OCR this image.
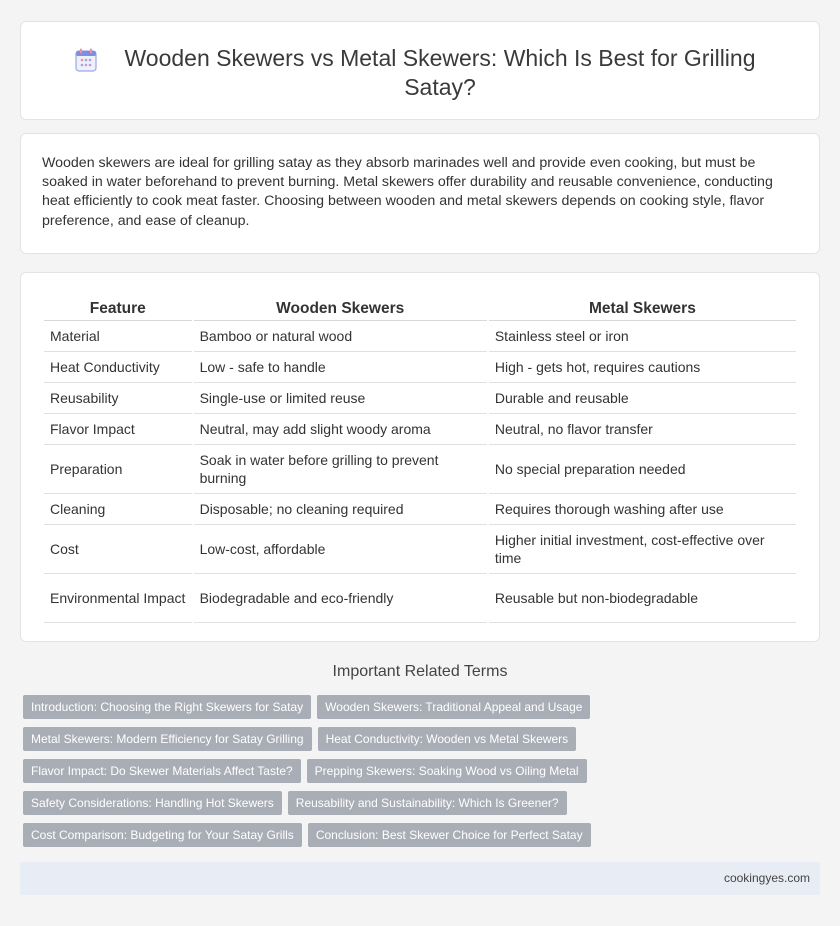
Wooden Skewers vs Metal Skewers: Which Is Best for Grilling Satay?

Wooden skewers are ideal for grilling satay as they absorb marinades well and provide even cooking, but must be soaked in water beforehand to prevent burning. Metal skewers offer durability and reusable convenience, conducting heat efficiently to cook meat faster. Choosing between wooden and metal skewers depends on cooking style, flavor preference, and ease of cleanup.

Feature	Wooden Skewers	Metal Skewers
Material	Bamboo or natural wood	Stainless steel or iron
Heat Conductivity	Low - safe to handle	High - gets hot, requires cautions
Reusability	Single-use or limited reuse	Durable and reusable
Flavor Impact	Neutral, may add slight woody aroma	Neutral, no flavor transfer
Preparation	Soak in water before grilling to prevent burning	No special preparation needed
Cleaning	Disposable; no cleaning required	Requires thorough washing after use
Cost	Low-cost, affordable	Higher initial investment, cost-effective over time
Environmental Impact	Biodegradable and eco-friendly	Reusable but non-biodegradable
Important Related Terms
Introduction: Choosing the Right Skewers for Satay	Wooden Skewers: Traditional Appeal and Usage
Metal Skewers: Modern Efficiency for Satay Grilling	Heat Conductivity: Wooden vs Metal Skewers
Flavor Impact: Do Skewer Materials Affect Taste?	Prepping Skewers: Soaking Wood vs Oiling Metal
Safety Considerations: Handling Hot Skewers	Reusability and Sustainability: Which Is Greener?
Cost Comparison: Budgeting for Your Satay Grills	Conclusion: Best Skewer Choice for Perfect Satay
cookingyes.com
